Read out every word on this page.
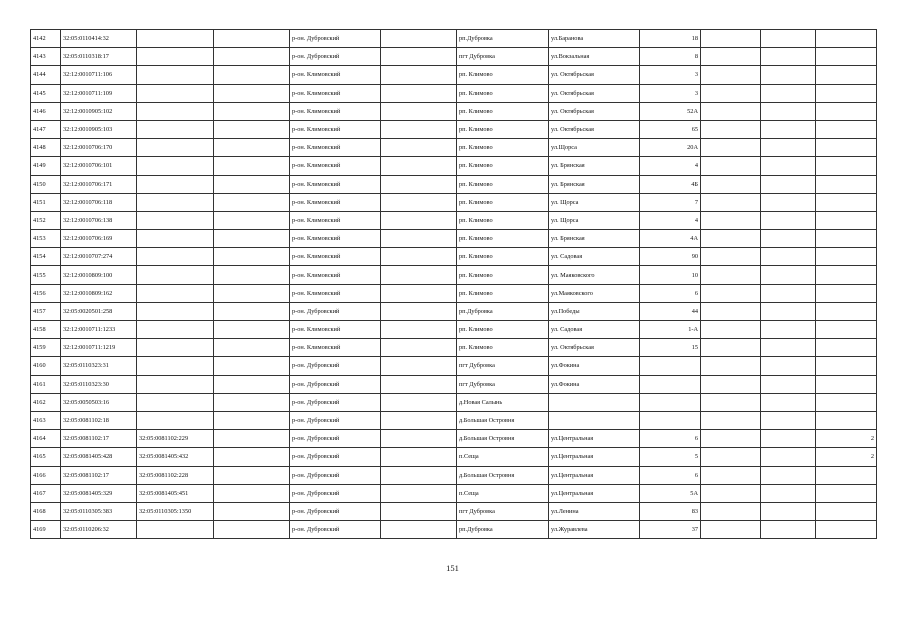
4142	32:05:0110414:32			р-он. Дубровский		рп.Дубровка	ул.Баранова	18			
4143	32:05:0110318:17			р-он. Дубровский		пгт Дубровка	ул.Вокзальная	8			
4144	32:12:0010711:106			р-он. Климовский		рп. Климово	ул. Октябрьская	3			
4145	32:12:0010711:109			р-он. Климовский		рп. Климово	ул. Октябрьская	3			
4146	32:12:0010905:102			р-он. Климовский		рп. Климово	ул. Октябрьская	52А			
4147	32:12:0010905:103			р-он. Климовский		рп. Климово	ул. Октябрьская	65			
4148	32:12:0010706:170			р-он. Климовский		рп. Климово	ул.Щорса	20А			
4149	32:12:0010706:101			р-он. Климовский		рп. Климово	ул. Брянская	4			
4150	32:12:0010706:171			р-он. Климовский		рп. Климово	ул. Брянская	4Б			
4151	32:12:0010706:118			р-он. Климовский		рп. Климово	ул. Щорса	7			
4152	32:12:0010706:138			р-он. Климовский		рп. Климово	ул. Щорса	4			
4153	32:12:0010706:169			р-он. Климовский		рп. Климово	ул. Брянская	4А			
4154	32:12:0010707:274			р-он. Климовский		рп. Климово	ул. Садовая	90			
4155	32:12:0010809:100			р-он. Климовский		рп. Климово	ул. Маяковского	10			
4156	32:12:0010809:162			р-он. Климовский		рп. Климово	ул.Маяковского	6			
4157	32:05:0020501:258			р-он. Дубровский		рп.Дубровка	ул.Победы	44			
4158	32:12:0010711:1233			р-он. Климовский		рп. Климово	ул. Садовая	1-А			
4159	32:12:0010711:1219			р-он. Климовский		рп. Климово	ул. Октябрьская	15			
4160	32:05:0110323:31			р-он. Дубровский		пгт Дубровка	ул.Фокина				
4161	32:05:0110323:30			р-он. Дубровский		пгт Дубровка	ул.Фокина				
4162	32:05:0050503:16			р-он. Дубровский		д.Новая Салынь					
4163	32:05:0081102:18			р-он. Дубровский		д.Большая Островня					
4164	32:05:0081102:17	32:05:0081102:229		р-он. Дубровский		д.Большая Островня	ул.Центральная	6			2
4165	32:05:0081405:428	32:05:0081405:432		р-он. Дубровский		п.Сеща	ул.Центральная	5			2
4166	32:05:0081102:17	32:05:0081102:228		р-он. Дубровский		д.Большая Островня	ул.Центральная	6			
4167	32:05:0081405:329	32:05:0081405:451		р-он. Дубровский		п.Сеща	ул.Центральная	5А			
4168	32:05:0110305:383	32:05:0110305:1350		р-он. Дубровский		пгт Дубровка	ул.Ленина	83			
4169	32:05:0110206:32			р-он. Дубровский		рп.Дубровка	ул.Журавлева	37			
151
